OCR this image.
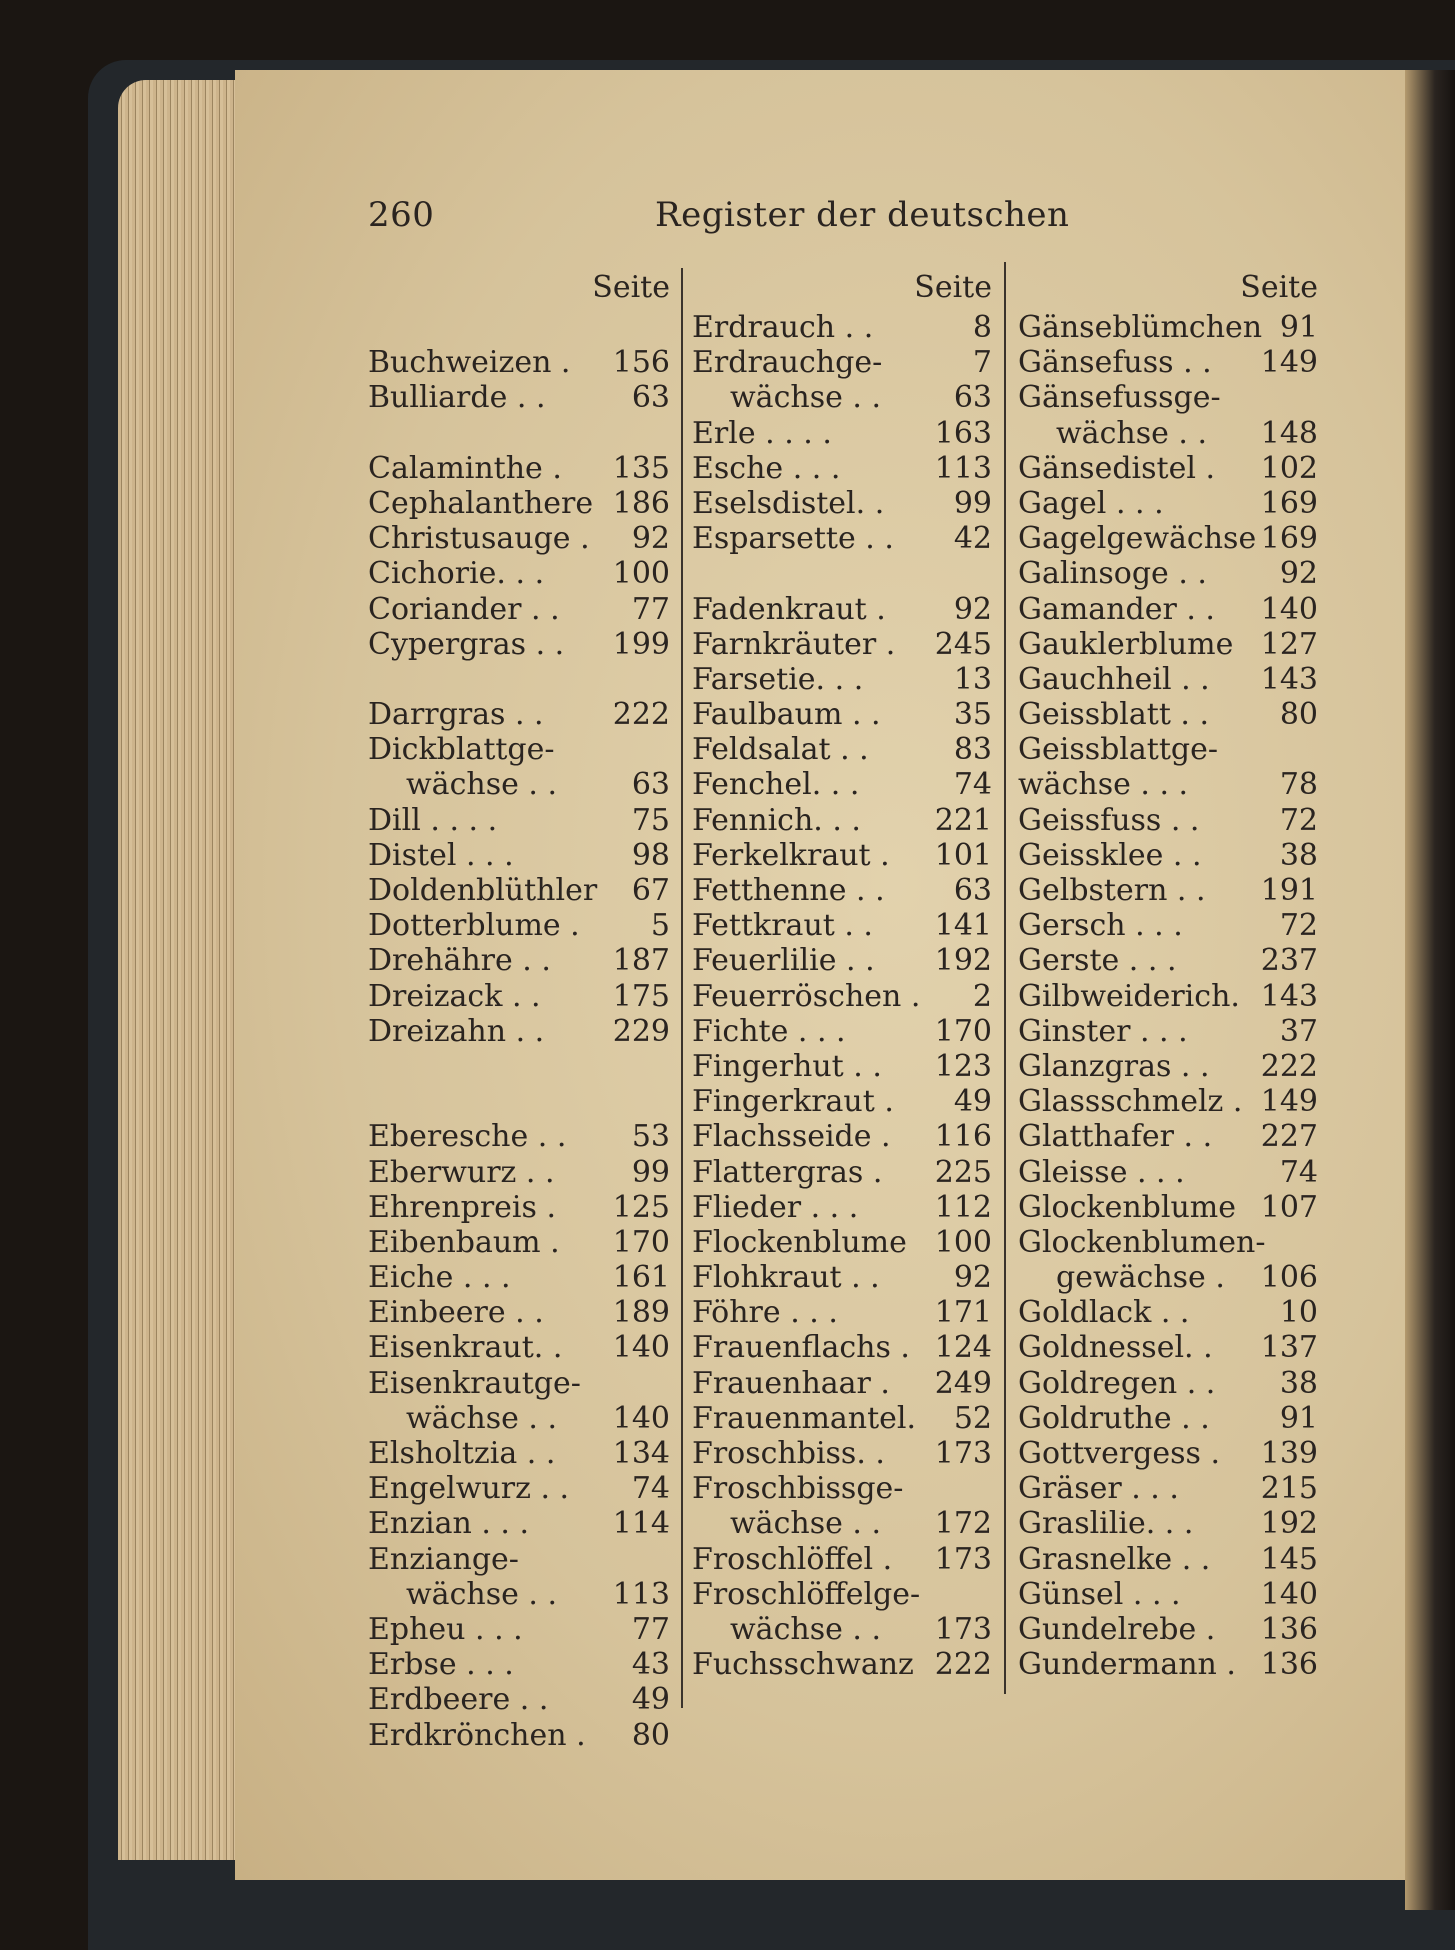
260	Register der deutschen
Seite
Buchweizen . 156
Bulliarde . .	63
Calaminthe . 135
Cephalanthere 186
Christusauge . 92
Cichorie. . . 100
Coriander . . 77
Cypergras . . 199
Darrgras . . 222
Dickblattge-
wächse . . 63
Dill . . . .	75
Distel . . .	98
Doldenblüthler 67
Dotterblume . 5
Drehähre . . 187
Dreizack . . 175
Dreizahn . . 229
Eberesche . . 53
Eberwurz . .	99
Ehrenpreis . 125
Eibenbaum . 170
Eiche . . .	161
Einbeere . . 189
Eisenkraut. . 140
Eisenkrautge-
wächse . . 140
Elsholtzia . . 134
Engelwurz . . 74
Enzian . . .	114
Enziange-
wächse . . 113
Epheu . . .	77
Erbse . . .	43
Erdbeere . .	49
Erdkrönchen . 80
Seite
Erdrauch . .	8
Erdrauchge-	7
wächse . . 63
Erle . . . .	163
Esche . . .	113
Eselsdistel. . 99
Esparsette . . 42
Fadenkraut . 92
Farnkräuter . 245
Farsetie. . .	13
Faulbaum . . 35
Feldsalat . .	83
Fenchel. . .	74
Fennich. . . 221
Ferkelkraut . 101
Fetthenne . . 63
Fettkraut . . 141
Feuerlilie . . 192
Feuerröschen . 2
Fichte . . .	170
Fingerhut . . 123
Fingerkraut . 49
Flachsseide . 116
Flattergras . 225
Flieder . . .	112
Flockenblume 100
Flohkraut . . 92
Föhre . . .	171
Frauenflachs . 124
Frauenhaar . 249
Frauenmantel. 52
Froschbiss. . 173
Froschbissge-
wächse . . 172
Froschlöffel . 173
Froschlöffelge-
wächse . . 173
Fuchsschwanz 222
Seite
Gänseblümchen 91
Gänsefuss . . 149
Gänsefussge-
wächse . . 148
Gänsedistel . 102
Gagel . . .	169
Gagelgewächse 169
Galinsoge . . 92
Gamander . . 140
Gauklerblume 127
Gauchheil . . 143
Geissblatt . . 80
Geissblattge-
wächse . . .	78
Geissfuss . .	72
Geissklee . .	38
Gelbstern . . 191
Gersch . . .	72
Gerste . . .	237
Gilbweiderich. 143
Ginster . . .	37
Glanzgras . . 222
Glassschmelz . 149
Glatthafer . . 227
Gleisse . . .	74
Glockenblume 107
Glockenblumen-
gewächse . 106
Goldlack . .	10
Goldnessel. . 137
Goldregen . . 38
Goldruthe . . 91
Gottvergess . 139
Gräser . . .	215
Graslilie. . . 192
Grasnelke . . 145
Günsel . . .	140
Gundelrebe . 136
Gundermann . 136
